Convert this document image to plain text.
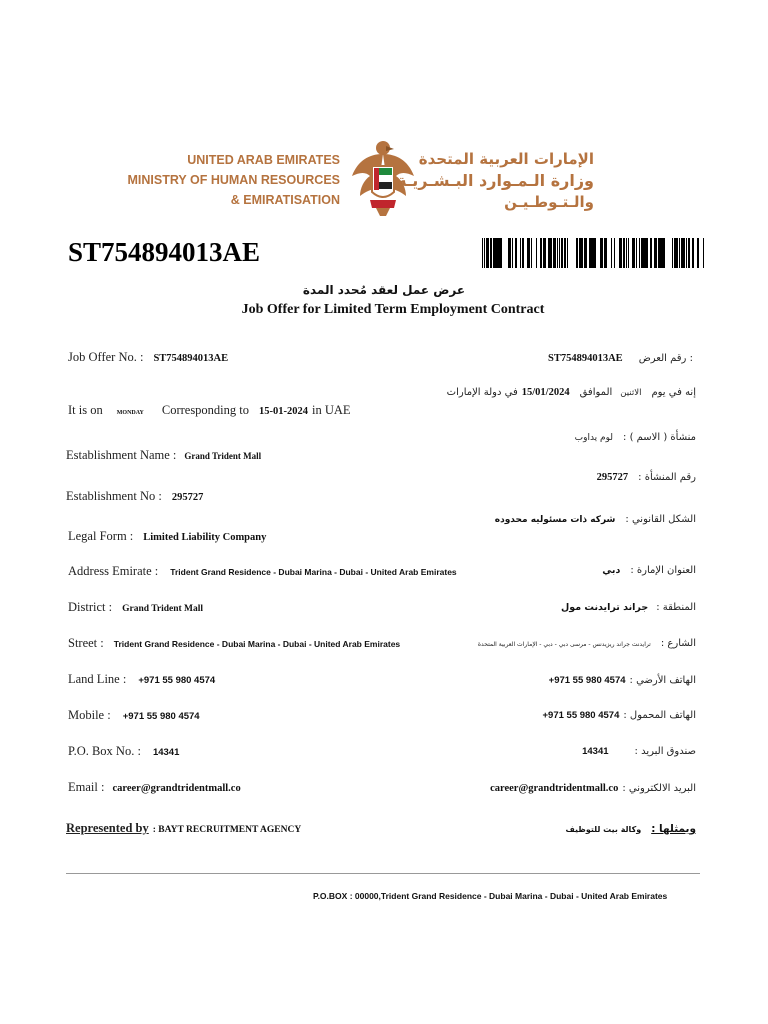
UNITED ARAB EMIRATES
MINISTRY OF HUMAN RESOURCES
& EMIRATISATION
الإمارات العربية المتحدة
وزارة الـمـوارد البـشـريـة
والـتـوطـيـن
ST754894013AE
عرض عمل لعقد مُحدد المدة
Job Offer for Limited Term Employment Contract
Job Offer No. : ST754894013AE	ST754894013AE رقم العرض :
إنه في يوم الاثنين الموافق 15/01/2024 في دولة الإمارات
It is on MONDAY Corresponding to 15-01-2024 in UAE
منشأة ( الاسم ) : لوم يداوب
Establishment Name : Grand Trident Mall
رقم المنشأة : 295727
Establishment No : 295727
الشكل القانوني : شركه ذات مسئوليه محدوده
Legal Form : Limited Liability Company
Address Emirate : Trident Grand Residence - Dubai Marina - Dubai - United Arab Emirates	العنوان الإمارة : دبي
District : Grand Trident Mall	المنطقة : جراند ترايدنت مول
Street : Trident Grand Residence - Dubai Marina - Dubai - United Arab Emirates	الشارع : ترايدنت جراند ريزيدنس - مرسى دبي - دبي - الإمارات العربية المتحدة
Land Line : +971 55 980 4574	الهاتف الأرضي : +971 55 980 4574
Mobile : +971 55 980 4574	الهاتف المحمول : +971 55 980 4574
P.O. Box No. : 14341	صندوق البريد : 14341
Email : career@grandtridentmall.co	البريد الالكتروني : career@grandtridentmall.co
Represented by : BAYT RECRUITMENT AGENCY	ويمثلها : وكالة بيت للتوظيف
P.O.BOX : 00000,Trident Grand Residence - Dubai Marina - Dubai - United Arab Emirates
